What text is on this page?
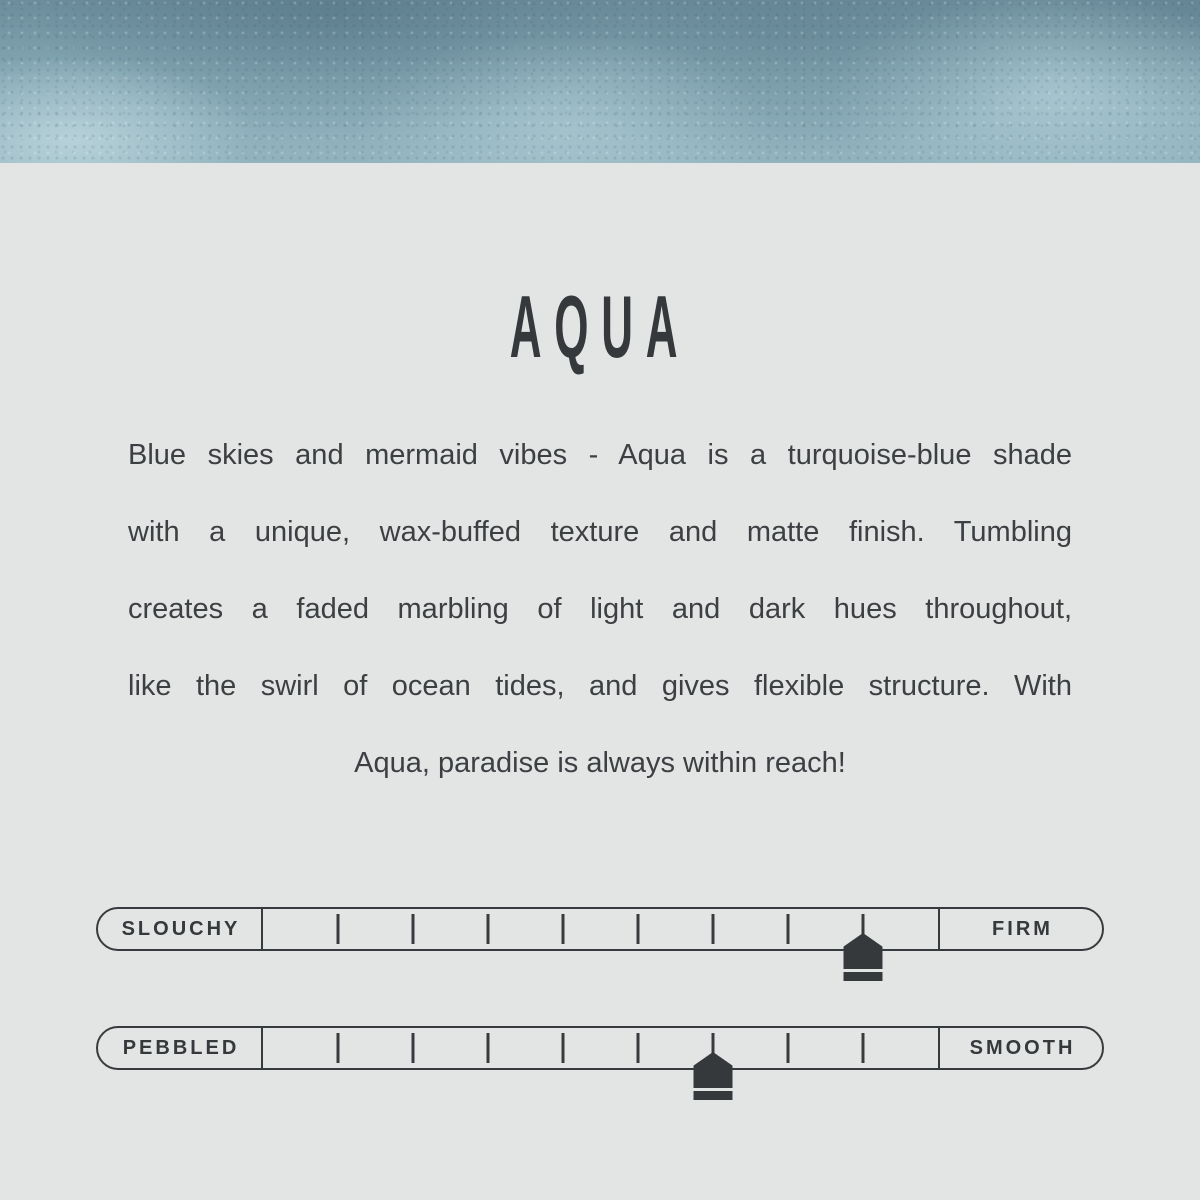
AQUA
Blue skies and mermaid vibes - Aqua is a turquoise-blue shade
with a unique, wax-buffed texture and matte finish. Tumbling
creates a faded marbling of light and dark hues throughout,
like the swirl of ocean tides, and gives flexible structure. With
Aqua, paradise is always within reach!
SLOUCHY	FIRM
PEBBLED	SMOOTH
